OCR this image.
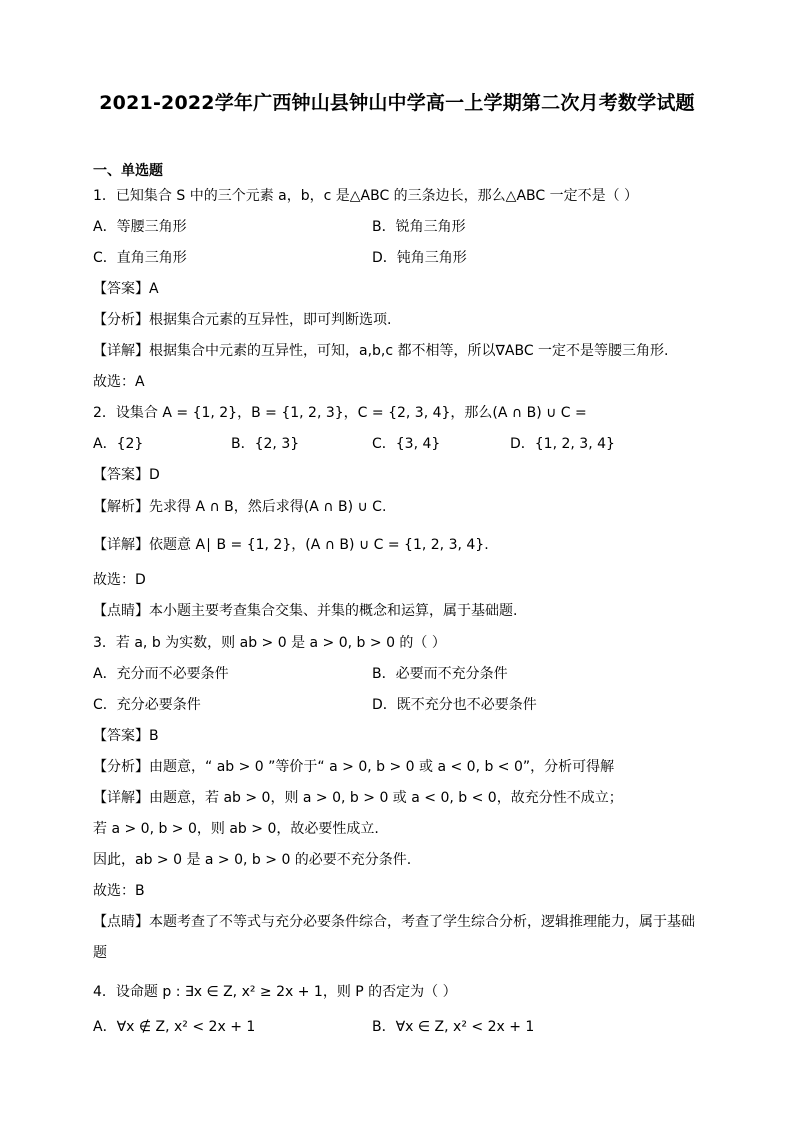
2021-2022学年广西钟山县钟山中学高一上学期第二次月考数学试题
一、单选题
1．已知集合 S 中的三个元素 a，b，c 是△ABC 的三条边长，那么△ABC 一定不是（ ）
A．等腰三角形	B．锐角三角形
C．直角三角形	D．钝角三角形
【答案】A
【分析】根据集合元素的互异性，即可判断选项.
【详解】根据集合中元素的互异性，可知，a,b,c 都不相等，所以∇ABC 一定不是等腰三角形.
故选：A
2．设集合 A = {1, 2}，B = {1, 2, 3}，C = {2, 3, 4}，那么(A ∩ B) ∪ C =
A．{2}	B．{2, 3}	C．{3, 4}	D．{1, 2, 3, 4}
【答案】D
【解析】先求得 A ∩ B，然后求得(A ∩ B) ∪ C.
【详解】依题意 A∣ B = {1, 2}，(A ∩ B) ∪ C = {1, 2, 3, 4}.
故选：D
【点睛】本小题主要考查集合交集、并集的概念和运算，属于基础题.
3．若 a, b 为实数，则 ab > 0 是 a > 0, b > 0 的（ ）
A．充分而不必要条件	B．必要而不充分条件
C．充分必要条件	D．既不充分也不必要条件
【答案】B
【分析】由题意，“ ab > 0 ”等价于“ a > 0, b > 0 或 a < 0, b < 0”，分析可得解
【详解】由题意，若 ab > 0，则 a > 0, b > 0 或 a < 0, b < 0，故充分性不成立；
若 a > 0, b > 0，则 ab > 0，故必要性成立.
因此，ab > 0 是 a > 0, b > 0 的必要不充分条件.
故选：B
【点睛】本题考查了不等式与充分必要条件综合，考查了学生综合分析，逻辑推理能力，属于基础
题
4．设命题 p : ∃x ∈ Z, x² ≥ 2x + 1，则 P 的否定为（ ）
A．∀x ∉ Z, x² < 2x + 1	B．∀x ∈ Z, x² < 2x + 1
